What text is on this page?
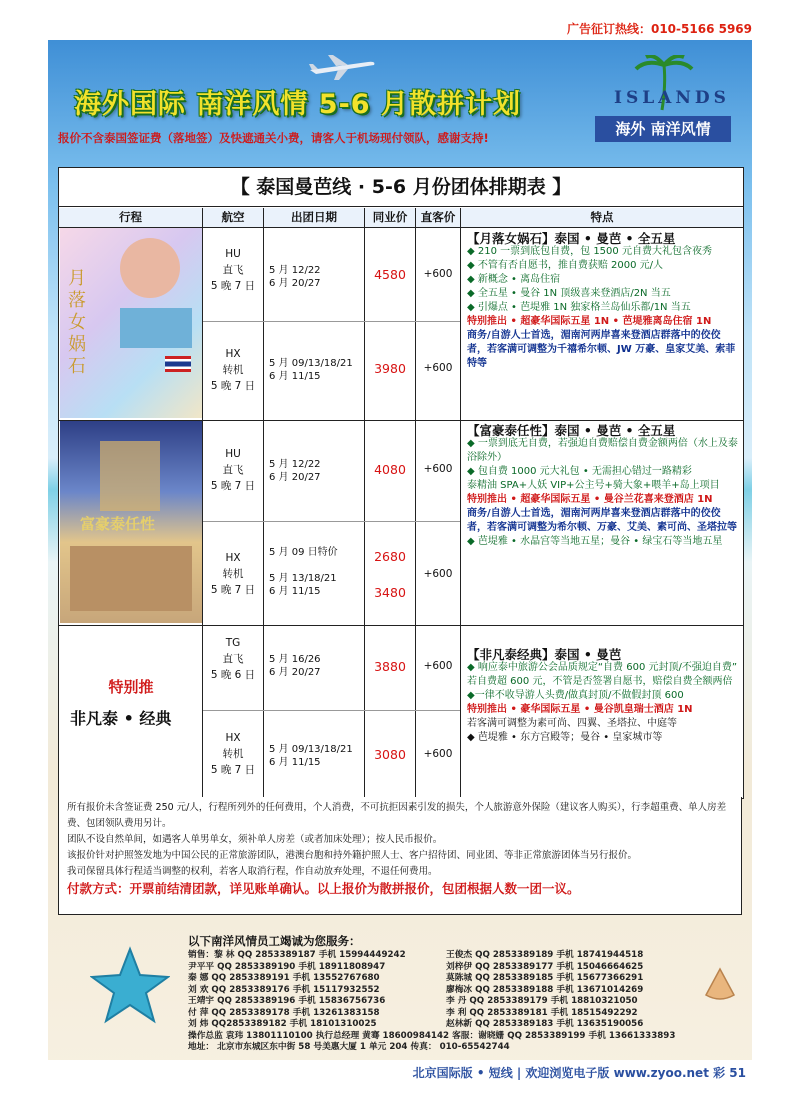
广告征订热线：010-5166 5969
海外国际 南洋风情 5-6 月散拼计划	ISLANDS
海外 南洋风情
报价不含泰国签证费（落地签）及快遮通关小费，请客人于机场现付领队，感谢支持!
【 泰国曼芭线 · 5-6 月份团体排期表 】
行程	航空	出团日期	同业价	直客价	特点
月落女娲石
HU
直飞
5 晚 7 日
5 月 12/22
6 月 20/27
4580	+600
HX
转机
5 晚 7 日
5 月 09/13/18/21
6 月 11/15
3980	+600
【月落女娲石】泰国 • 曼芭 • 全五星

◆ 210 一票到底包自费，包 1500 元自费大礼包含夜秀

◆ 不管有否自愿书，推自费获赔 2000 元/人

◆ 新概念 • 离岛住宿

◆ 全五星 • 曼谷 1N 顶级喜来登酒店/2N 当五

◆ 引爆点 • 芭堤雅 1N 独家格兰岛仙乐都/1N 当五

特别推出 • 超豪华国际五星 1N • 芭堤雅离岛住宿 1N

商务/自游人士首选，湄南河两岸喜来登酒店群落中的佼佼者，若客满可调整为千禧希尔顿、JW 万豪、皇家艾美、索菲特等

富豪泰任性
HU
直飞
5 晚 7 日
5 月 12/22
6 月 20/27
4080	+600
HX
转机
5 晚 7 日
5 月 09 日特价

5 月 13/18/21
6 月 11/15
2680
3480
+600
【富豪泰任性】泰国 • 曼芭 • 全五星

◆ 一票到底无自费，若强迫自费赔偿自费金额两倍（水上及泰浴除外）

◆ 包自费 1000 元大礼包 • 无需担心错过一路精彩

泰精油 SPA+人妖 VIP+公主号+骑大象+喂羊+岛上项目

特别推出 • 超豪华国际五星 • 曼谷兰花喜来登酒店 1N

商务/自游人士首选，湄南河两岸喜来登酒店群落中的佼佼者，若客满可调整为希尔顿、万豪、艾美、素可尚、圣塔拉等

◆ 芭堤雅 • 水晶宫等当地五星；曼谷 • 绿宝石等当地五星

特别推
非凡泰 • 经典
TG
直飞
5 晚 6 日
5 月 16/26
6 月 20/27	3880	+600
HX
转机
5 晚 7 日
5 月 09/13/18/21
6 月 11/15
3080	+600
【非凡泰经典】泰国 • 曼芭

◆ 响应泰中旅游公会品质规定“自费 600 元封顶/不强迫自费” 若自费超 600 元，不管是否签署自愿书，赔偿自费全额两倍

◆一律不收导游人头费/做真封顶/不做假封顶 600

特别推出 • 豪华国际五星 • 曼谷凯皇瑞士酒店 1N

若客满可调整为素可尚、四翼、圣塔拉、中庭等

◆ 芭堤雅 • 东方宫殿等；曼谷 • 皇家城市等

所有报价未含签证费 250 元/人，行程所列外的任何费用，个人消费，不可抗拒因素引发的损失，个人旅游意外保险（建议客人购买），行李超重费、单人房差费、包团领队费用另计。

团队不设自然单间，如遇客人单男单女，须补单人房差（或者加床处理）；按人民币报价。

该报价针对护照签发地为中国公民的正常旅游团队，港澳台胞和持外籍护照人士、客户招待团、同业团、等非正常旅游团体当另行报价。

我司保留具体行程适当调整的权利，若客人取消行程，作自动放弃处理，不退任何费用。

付款方式：开票前结清团款，详见账单确认。以上报价为散拼报价，包团根据人数一团一议。

以下南洋风情员工竭诚为您服务：
销售：黎 林 QQ 2853389187 手机 15994449242	王俊杰 QQ 2853389189 手机 18741944518
尹平平 QQ 2853389190 手机 18911808947	刘梓伊 QQ 2853389177 手机 15046664625
秦 娜 QQ 2853389191 手机 13552767680	莫陈城 QQ 2853389185 手机 15677366291
刘 欢 QQ 2853389176 手机 15117932552	廖梅冰 QQ 2853389188 手机 13671014269
王靖宇 QQ 2853389196 手机 15836756736	李 丹 QQ 2853389179 手机 18810321050
付 萍 QQ 2853389178 手机 13261383158	李 利 QQ 2853389181 手机 18515492292
刘 炜 QQ2853389182 手机 18101310025	赵林新 QQ 2853389183 手机 13635190056
操作总监 袁玮 13801110100 执行总经理 黄骞 18600984142 客服：谢晓姗 QQ 2853389199 手机 13661333893
地址： 北京市东城区东中街 58 号美惠大厦 1 单元 204 传真： 010-65542744
北京国际版 • 短线 | 欢迎浏览电子版 www.zyoo.net 彩 51
